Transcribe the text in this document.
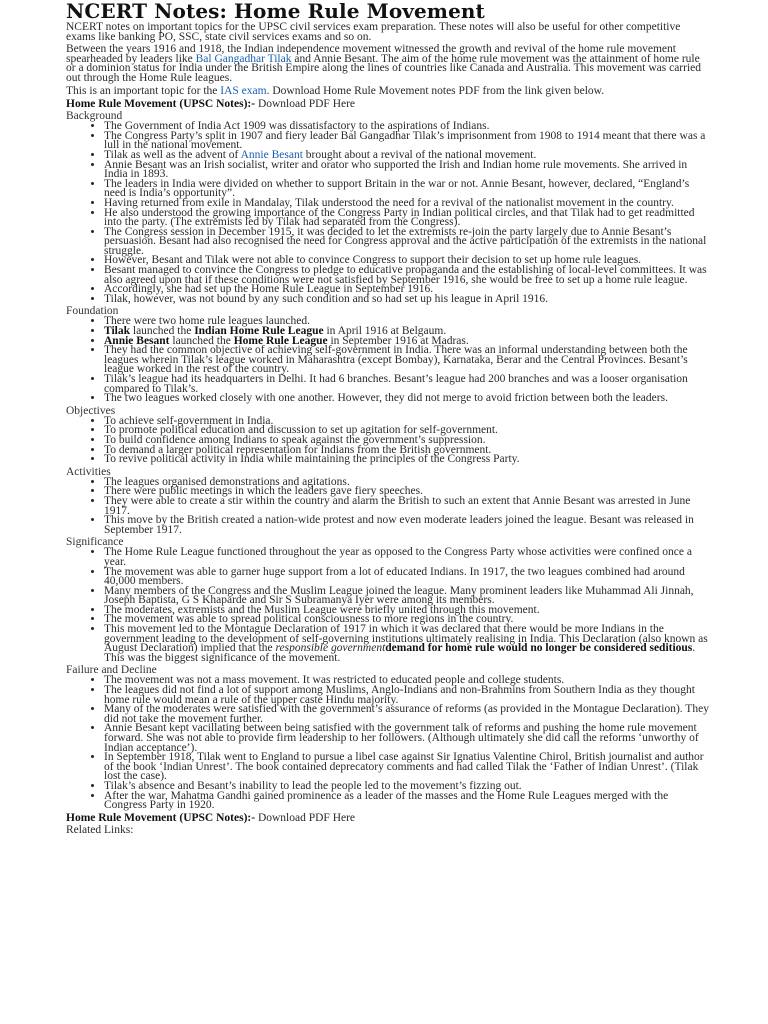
NCERT Notes: Home Rule Movement

NCERT notes on important topics for the UPSC civil services exam preparation. These notes will also be useful for other competitive exams like banking PO, SSC, state civil services exams and so on.

Between the years 1916 and 1918, the Indian independence movement witnessed the growth and revival of the home rule movement spearheaded by leaders like Bal Gangadhar Tilak and Annie Besant. The aim of the home rule movement was the attainment of home rule or a dominion status for India under the British Empire along the lines of countries like Canada and Australia. This movement was carried out through the Home Rule leagues.

This is an important topic for the IAS exam. Download Home Rule Movement notes PDF from the link given below.

Home Rule Movement (UPSC Notes):- Download PDF Here
Background
• The Government of India Act 1909 was dissatisfactory to the aspirations of Indians.
• The Congress Party’s split in 1907 and fiery leader Bal Gangadhar Tilak’s imprisonment from 1908 to 1914 meant that there was a lull in the national movement.
• Tilak as well as the advent of Annie Besant brought about a revival of the national movement.
• Annie Besant was an Irish socialist, writer and orator who supported the Irish and Indian home rule movements. She arrived in India in 1893.
• The leaders in India were divided on whether to support Britain in the war or not. Annie Besant, however, declared, “England’s need is India’s opportunity”.
• Having returned from exile in Mandalay, Tilak understood the need for a revival of the nationalist movement in the country.
• He also understood the growing importance of the Congress Party in Indian political circles, and that Tilak had to get readmitted into the party. (The extremists led by Tilak had separated from the Congress).
• The Congress session in December 1915, it was decided to let the extremists re-join the party largely due to Annie Besant’s persuasion. Besant had also recognised the need for Congress approval and the active participation of the extremists in the national struggle.
• However, Besant and Tilak were not able to convince Congress to support their decision to set up home rule leagues.
• Besant managed to convince the Congress to pledge to educative propaganda and the establishing of local-level committees. It was also agreed upon that if these conditions were not satisfied by September 1916, she would be free to set up a home rule league.
• Accordingly, she had set up the Home Rule League in September 1916.
• Tilak, however, was not bound by any such condition and so had set up his league in April 1916.
Foundation
• There were two home rule leagues launched.
• Tilak launched the Indian Home Rule League in April 1916 at Belgaum.
• Annie Besant launched the Home Rule League in September 1916 at Madras.
• They had the common objective of achieving self-government in India. There was an informal understanding between both the leagues wherein Tilak’s league worked in Maharashtra (except Bombay), Karnataka, Berar and the Central Provinces. Besant’s league worked in the rest of the country.
• Tilak’s league had its headquarters in Delhi. It had 6 branches. Besant’s league had 200 branches and was a looser organisation compared to Tilak’s.
• The two leagues worked closely with one another. However, they did not merge to avoid friction between both the leaders.
Objectives
• To achieve self-government in India.
• To promote political education and discussion to set up agitation for self-government.
• To build confidence among Indians to speak against the government’s suppression.
• To demand a larger political representation for Indians from the British government.
• To revive political activity in India while maintaining the principles of the Congress Party.
Activities
• The leagues organised demonstrations and agitations.
• There were public meetings in which the leaders gave fiery speeches.
• They were able to create a stir within the country and alarm the British to such an extent that Annie Besant was arrested in June 1917.
• This move by the British created a nation-wide protest and now even moderate leaders joined the league. Besant was released in September 1917.
Significance
• The Home Rule League functioned throughout the year as opposed to the Congress Party whose activities were confined once a year.
• The movement was able to garner huge support from a lot of educated Indians. In 1917, the two leagues combined had around 40,000 members.
• Many members of the Congress and the Muslim League joined the league. Many prominent leaders like Muhammad Ali Jinnah, Joseph Baptista, G S Khaparde and Sir S Subramanya Iyer were among its members.
• The moderates, extremists and the Muslim League were briefly united through this movement.
• The movement was able to spread political consciousness to more regions in the country.
• This movement led to the Montague Declaration of 1917 in which it was declared that there would be more Indians in the government leading to the development of self-governing institutions ultimately realising in India. This Declaration (also known as August Declaration) implied that the responsible governmentdemand for home rule would no longer be considered seditious. This was the biggest significance of the movement.
Failure and Decline
• The movement was not a mass movement. It was restricted to educated people and college students.
• The leagues did not find a lot of support among Muslims, Anglo-Indians and non-Brahmins from Southern India as they thought home rule would mean a rule of the upper caste Hindu majority.
• Many of the moderates were satisfied with the government’s assurance of reforms (as provided in the Montague Declaration). They did not take the movement further.
• Annie Besant kept vacillating between being satisfied with the government talk of reforms and pushing the home rule movement forward. She was not able to provide firm leadership to her followers. (Although ultimately she did call the reforms ‘unworthy of Indian acceptance’).
• In September 1918, Tilak went to England to pursue a libel case against Sir Ignatius Valentine Chirol, British journalist and author of the book ‘Indian Unrest’. The book contained deprecatory comments and had called Tilak the ‘Father of Indian Unrest’. (Tilak lost the case).
• Tilak’s absence and Besant’s inability to lead the people led to the movement’s fizzing out.
• After the war, Mahatma Gandhi gained prominence as a leader of the masses and the Home Rule Leagues merged with the Congress Party in 1920.
Home Rule Movement (UPSC Notes):- Download PDF Here
Related Links:
